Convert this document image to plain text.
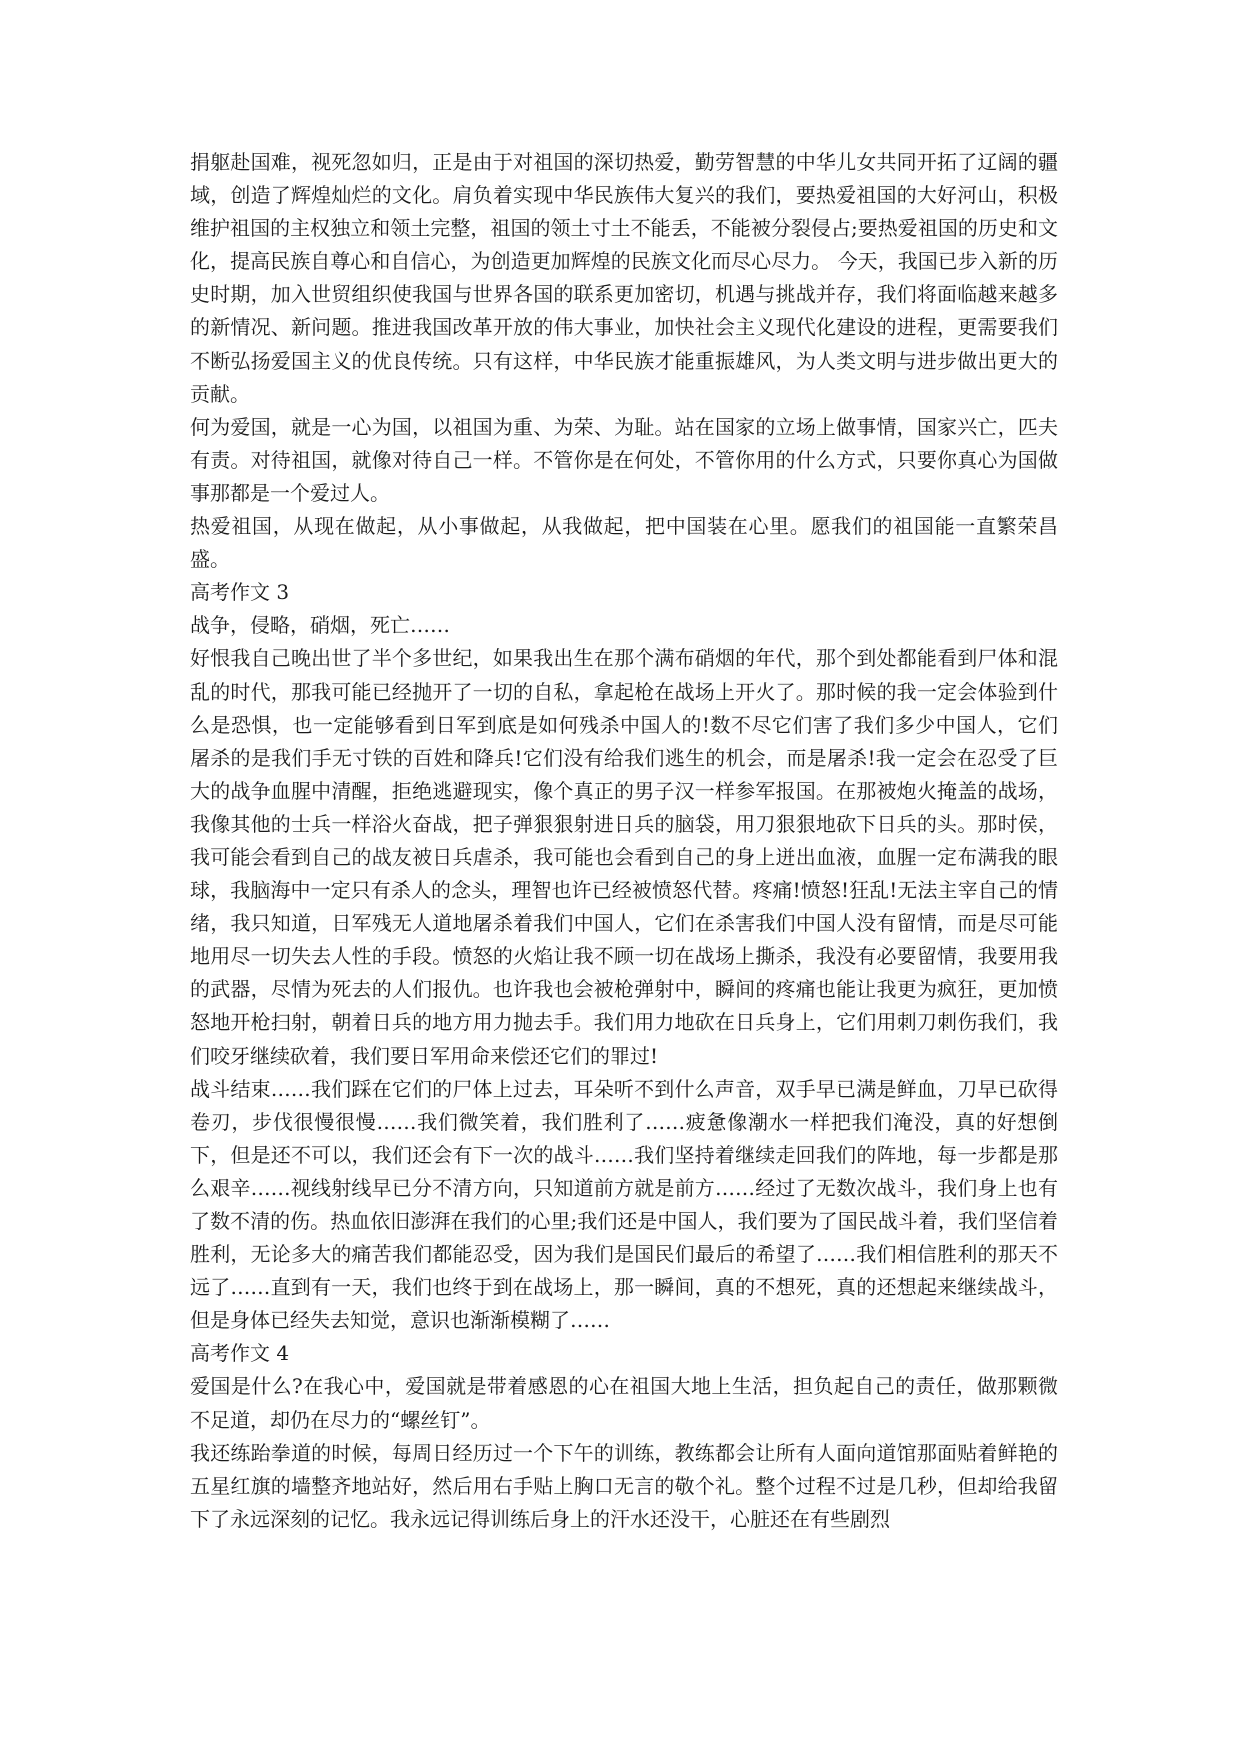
捐躯赴国难，视死忽如归，正是由于对祖国的深切热爱，勤劳智慧的中华儿女共同开拓了辽阔的疆域，创造了辉煌灿烂的文化。肩负着实现中华民族伟大复兴的我们，要热爱祖国的大好河山，积极维护祖国的主权独立和领土完整，祖国的领土寸土不能丢，不能被分裂侵占;要热爱祖国的历史和文化，提高民族自尊心和自信心，为创造更加辉煌的民族文化而尽心尽力。 今天，我国已步入新的历史时期，加入世贸组织使我国与世界各国的联系更加密切，机遇与挑战并存，我们将面临越来越多的新情况、新问题。推进我国改革开放的伟大事业，加快社会主义现代化建设的进程，更需要我们不断弘扬爱国主义的优良传统。只有这样，中华民族才能重振雄风，为人类文明与进步做出更大的贡献。

何为爱国，就是一心为国，以祖国为重、为荣、为耻。站在国家的立场上做事情，国家兴亡，匹夫有责。对待祖国，就像对待自己一样。不管你是在何处，不管你用的什么方式，只要你真心为国做事那都是一个爱过人。

热爱祖国，从现在做起，从小事做起，从我做起，把中国装在心里。愿我们的祖国能一直繁荣昌盛。

高考作文 3

战争，侵略，硝烟，死亡……

好恨我自己晚出世了半个多世纪，如果我出生在那个满布硝烟的年代，那个到处都能看到尸体和混乱的时代，那我可能已经抛开了一切的自私，拿起枪在战场上开火了。那时候的我一定会体验到什么是恐惧，也一定能够看到日军到底是如何残杀中国人的!数不尽它们害了我们多少中国人，它们屠杀的是我们手无寸铁的百姓和降兵!它们没有给我们逃生的机会，而是屠杀!我一定会在忍受了巨大的战争血腥中清醒，拒绝逃避现实，像个真正的男子汉一样参军报国。在那被炮火掩盖的战场，我像其他的士兵一样浴火奋战，把子弹狠狠射进日兵的脑袋，用刀狠狠地砍下日兵的头。那时侯，我可能会看到自己的战友被日兵虐杀，我可能也会看到自己的身上迸出血液，血腥一定布满我的眼球，我脑海中一定只有杀人的念头，理智也许已经被愤怒代替。疼痛!愤怒!狂乱!无法主宰自己的情绪，我只知道，日军残无人道地屠杀着我们中国人，它们在杀害我们中国人没有留情，而是尽可能地用尽一切失去人性的手段。愤怒的火焰让我不顾一切在战场上撕杀，我没有必要留情，我要用我的武器，尽情为死去的人们报仇。也许我也会被枪弹射中，瞬间的疼痛也能让我更为疯狂，更加愤怒地开枪扫射，朝着日兵的地方用力抛去手。我们用力地砍在日兵身上，它们用刺刀刺伤我们，我们咬牙继续砍着，我们要日军用命来偿还它们的罪过!

战斗结束……我们踩在它们的尸体上过去，耳朵听不到什么声音，双手早已满是鲜血，刀早已砍得卷刃，步伐很慢很慢……我们微笑着，我们胜利了……疲惫像潮水一样把我们淹没，真的好想倒下，但是还不可以，我们还会有下一次的战斗……我们坚持着继续走回我们的阵地，每一步都是那么艰辛……视线射线早已分不清方向，只知道前方就是前方……经过了无数次战斗，我们身上也有了数不清的伤。热血依旧澎湃在我们的心里;我们还是中国人，我们要为了国民战斗着，我们坚信着胜利，无论多大的痛苦我们都能忍受，因为我们是国民们最后的希望了……我们相信胜利的那天不远了……直到有一天，我们也终于到在战场上，那一瞬间，真的不想死，真的还想起来继续战斗，但是身体已经失去知觉，意识也渐渐模糊了……

高考作文 4

爱国是什么?在我心中，爱国就是带着感恩的心在祖国大地上生活，担负起自己的责任，做那颗微不足道，却仍在尽力的“螺丝钉”。

我还练跆拳道的时候，每周日经历过一个下午的训练，教练都会让所有人面向道馆那面贴着鲜艳的五星红旗的墙整齐地站好，然后用右手贴上胸口无言的敬个礼。整个过程不过是几秒，但却给我留下了永远深刻的记忆。我永远记得训练后身上的汗水还没干，心脏还在有些剧烈
